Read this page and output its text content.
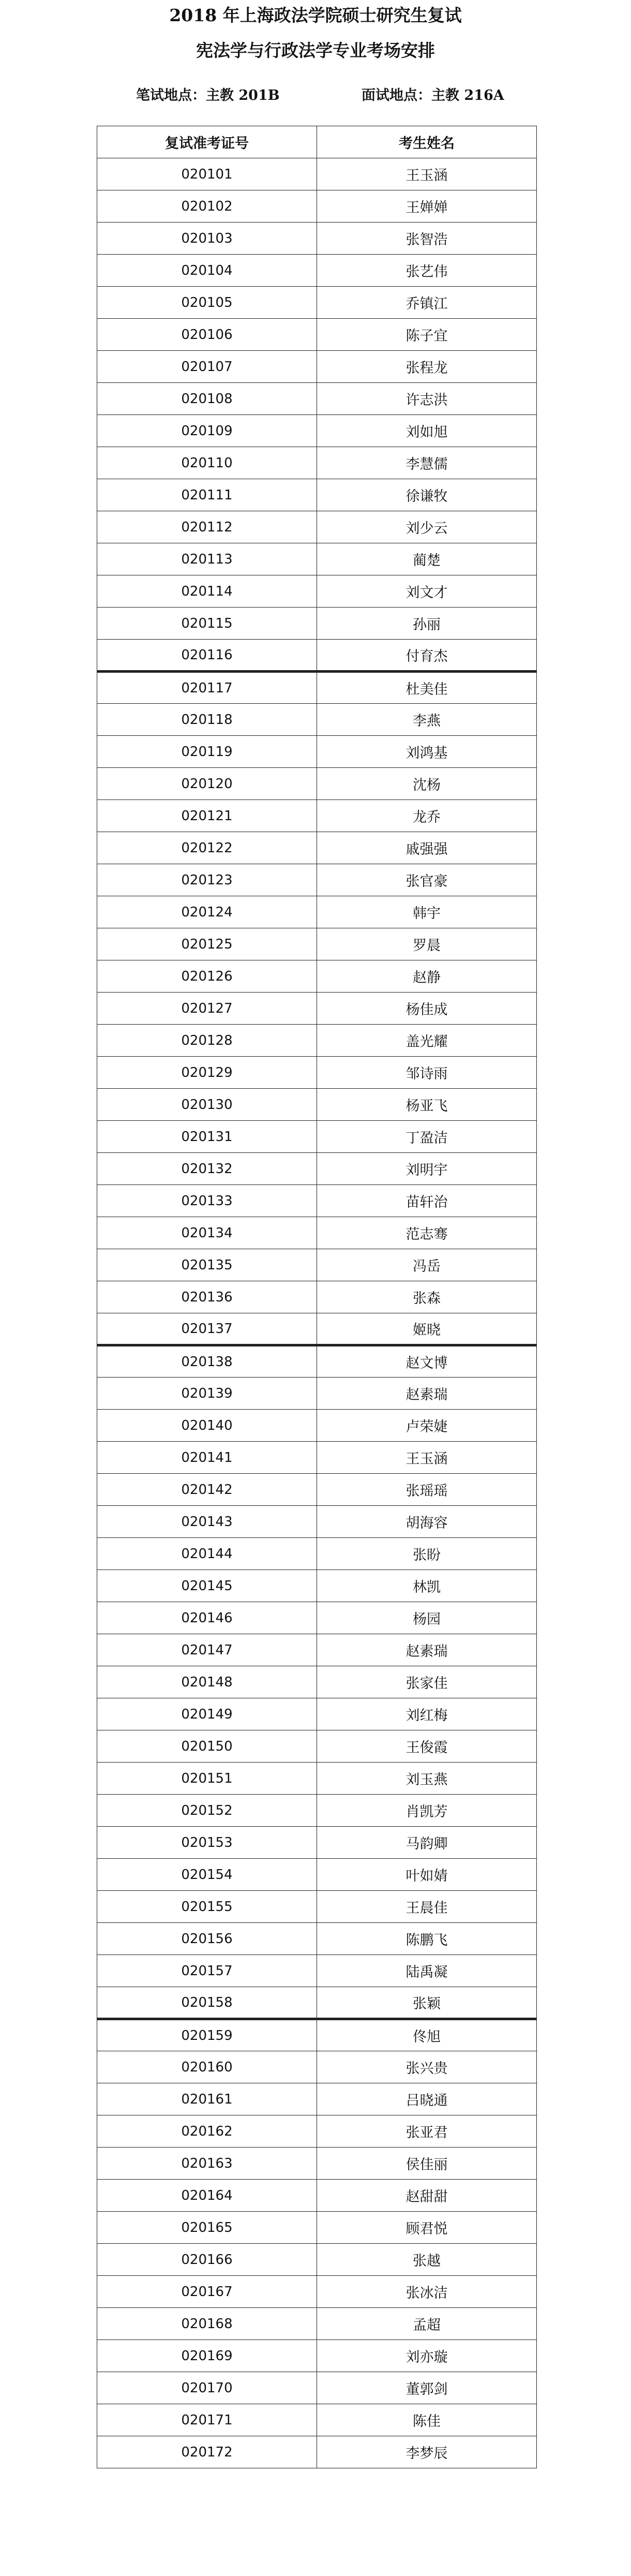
2018 年上海政法学院硕士研究生复试
宪法学与行政法学专业考场安排
笔试地点：主教 201B	面试地点：主教 216A
复试准考证号	考生姓名
020101	王玉涵
020102	王婵婵
020103	张智浩
020104	张艺伟
020105	乔镇江
020106	陈子宜
020107	张程龙
020108	许志洪
020109	刘如旭
020110	李慧儒
020111	徐谦牧
020112	刘少云
020113	蔺楚
020114	刘文才
020115	孙丽
020116	付育杰
020117	杜美佳
020118	李燕
020119	刘鸿基
020120	沈杨
020121	龙乔
020122	戚强强
020123	张官豪
020124	韩宇
020125	罗晨
020126	赵静
020127	杨佳成
020128	盖光耀
020129	邹诗雨
020130	杨亚飞
020131	丁盈洁
020132	刘明宇
020133	苗轩治
020134	范志骞
020135	冯岳
020136	张森
020137	姬晓
020138	赵文博
020139	赵素瑞
020140	卢荣婕
020141	王玉涵
020142	张瑶瑶
020143	胡海容
020144	张盼
020145	林凯
020146	杨园
020147	赵素瑞
020148	张家佳
020149	刘红梅
020150	王俊霞
020151	刘玉燕
020152	肖凯芳
020153	马韵卿
020154	叶如婧
020155	王晨佳
020156	陈鹏飞
020157	陆禹凝
020158	张颖
020159	佟旭
020160	张兴贵
020161	吕晓通
020162	张亚君
020163	侯佳丽
020164	赵甜甜
020165	顾君悦
020166	张越
020167	张冰洁
020168	孟超
020169	刘亦璇
020170	董郭剑
020171	陈佳
020172	李梦辰
